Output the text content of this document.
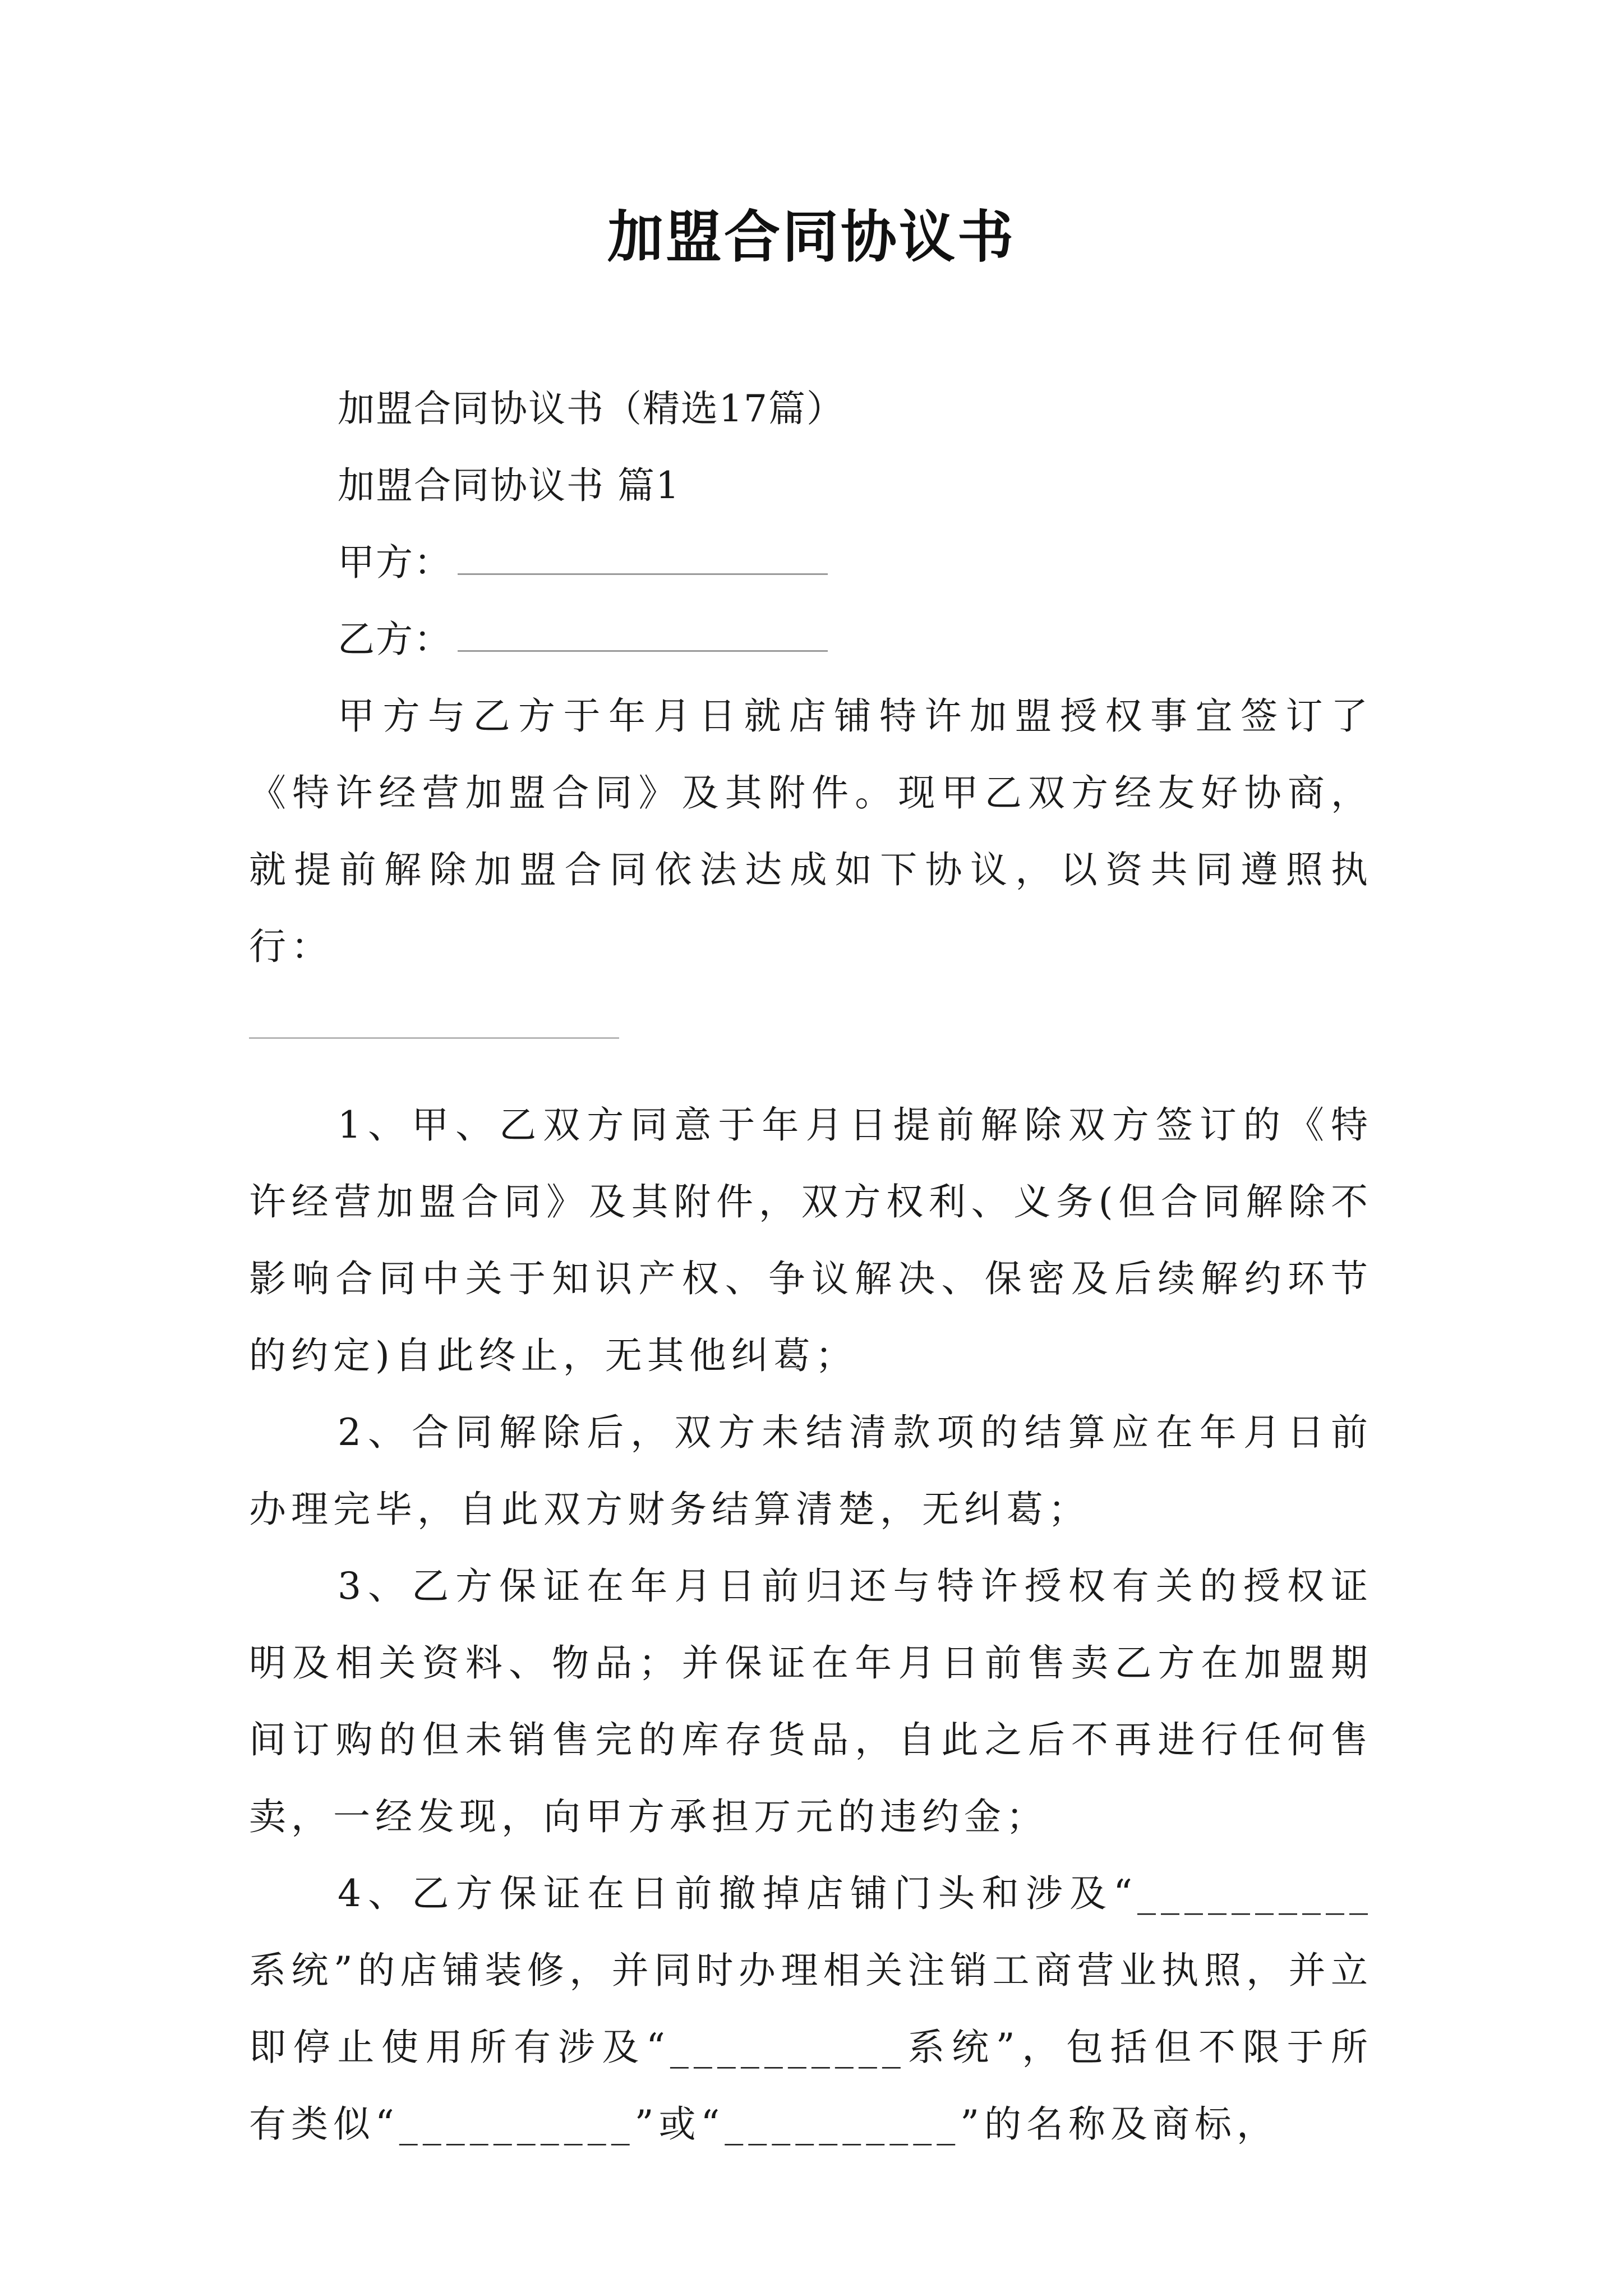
加盟合同协议书
加盟合同协议书（精选17篇）
加盟合同协议书 篇1
甲方：
乙方：

甲方与乙方于年月日就店铺特许加盟授权事宜签订了《特许经营加盟合同》及其附件。现甲乙双方经友好协商，就提前解除加盟合同依法达成如下协议，以资共同遵照执行：

1、甲、乙双方同意于年月日提前解除双方签订的《特许经营加盟合同》及其附件，双方权利、义务(但合同解除不影响合同中关于知识产权、争议解决、保密及后续解约环节的约定)自此终止，无其他纠葛；

2、合同解除后，双方未结清款项的结算应在年月日前办理完毕，自此双方财务结算清楚，无纠葛；

3、乙方保证在年月日前归还与特许授权有关的授权证明及相关资料、物品；并保证在年月日前售卖乙方在加盟期间订购的但未销售完的库存货品，自此之后不再进行任何售卖，一经发现，向甲方承担万元的违约金；

4、乙方保证在日前撤掉店铺门头和涉及“__________系统”的店铺装修，并同时办理相关注销工商营业执照，并立即停止使用所有涉及“__________系统”，包括但不限于所有类似“__________”或“__________”的名称及商标，
